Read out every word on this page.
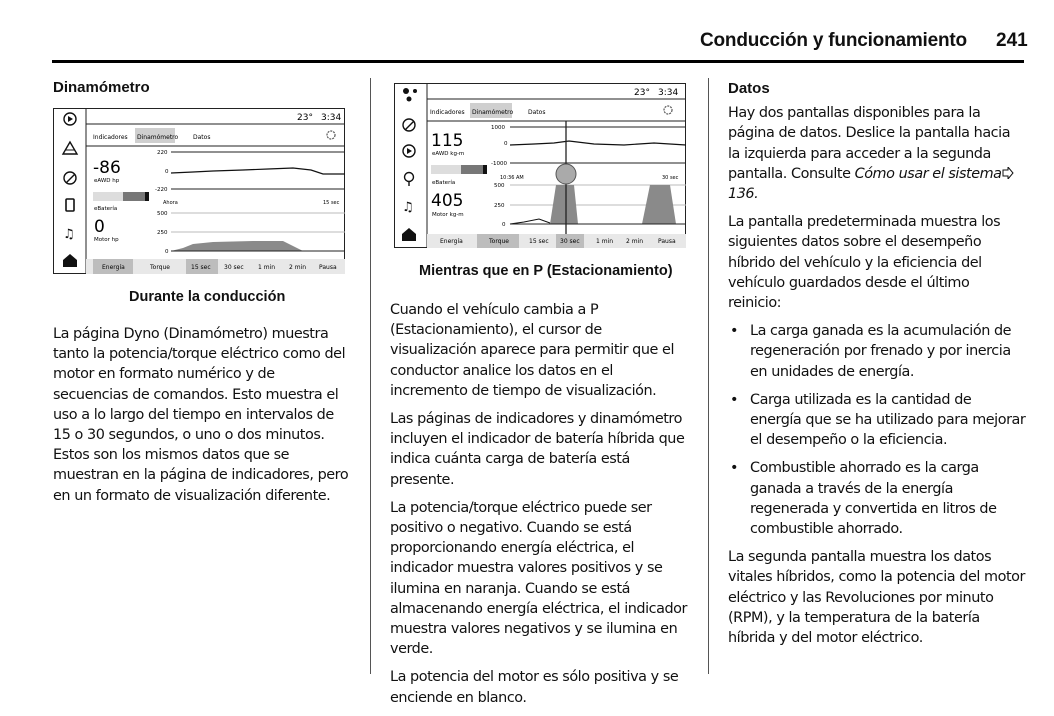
Conducción y funcionamiento 241
Dinamómetro
♫
23° 3:34
Indicadores Dinamómetro Datos
-86
eAWD hp
eBatería
0
Motor hp
220
0
-220
Ahora	15 sec
500
250
0
Energía	Torque	15 sec 30 sec 1 min 2 min Pausa
Durante la conducción

La página Dyno (Dinamómetro) muestra tanto la potencia/torque eléctrico como del motor en formato numérico y de secuencias de comandos. Esto muestra el uso a lo largo del tiempo en intervalos de 15 o 30 segundos, o uno o dos minutos. Estos son los mismos datos que se muestran en la página de indicadores, pero en un formato de visualización diferente.

♫
23° 3:34
Indicadores Dinamómetro Datos
115
eAWD kg-m
eBatería
405
Motor kg-m
1000
0
-1000
10:36 AM	30 sec
500
250
0
Energía	Torque	15 sec 30 sec	1 min 2 min Pausa
Mientras que en P (Estacionamiento)

Cuando el vehículo cambia a P (Estacionamiento), el cursor de visualización aparece para permitir que el conductor analice los datos en el incremento de tiempo de visualización.

Las páginas de indicadores y dinamómetro incluyen el indicador de batería híbrida que indica cuánta carga de batería está presente.

La potencia/torque eléctrico puede ser positivo o negativo. Cuando se está proporcionando energía eléctrica, el indicador muestra valores positivos y se ilumina en naranja. Cuando se está almacenando energía eléctrica, el indicador muestra valores negativos y se ilumina en verde.

La potencia del motor es sólo positiva y se enciende en blanco.

Datos

Hay dos pantallas disponibles para la página de datos. Deslice la pantalla hacia la izquierda para acceder a la segunda pantalla. Consulte Cómo usar el sistema136.

La pantalla predeterminada muestra los siguientes datos sobre el desempeño híbrido del vehículo y la eficiencia del vehículo guardados desde el último reinicio:

• La carga ganada es la acumulación de regeneración por frenado y por inercia en unidades de energía.
• Carga utilizada es la cantidad de energía que se ha utilizado para mejorar el desempeño o la eficiencia.
• Combustible ahorrado es la carga ganada a través de la energía regenerada y convertida en litros de combustible ahorrado.

La segunda pantalla muestra los datos vitales híbridos, como la potencia del motor eléctrico y las Revoluciones por minuto (RPM), y la temperatura de la batería híbrida y del motor eléctrico.
